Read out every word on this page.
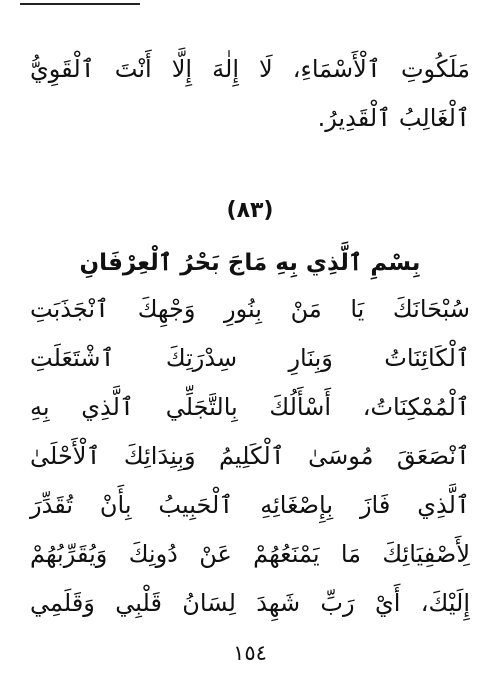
مَلَكُوتِ ٱلْأَسْمَاءِ، لَا إِلٰهَ إِلَّا أَنْتَ ٱلْقَوِيُّ
ٱلْغَالِبُ ٱلْقَدِيرُ.
(٨٣)
بِسْمِ ٱلَّذِي بِهِ مَاجَ بَحْرُ ٱلْعِرْفَانِ
سُبْحَانَكَ يَا مَنْ بِنُورِ وَجْهِكَ ٱنْجَذَبَتِ
ٱلْكَائِنَاتُ وَبِنَارِ سِدْرَتِكَ ٱشْتَعَلَتِ
ٱلْمُمْكِنَاتُ، أَسْأَلُكَ بِالتَّجَلِّي ٱلَّذِي بِهِ
ٱنْصَعَقَ مُوسَىٰ ٱلْكَلِيمُ وَبِنِدَائِكَ ٱلْأَحْلَىٰ
ٱلَّذِي فَازَ بِإِصْغَائِهِ ٱلْحَبِيبُ بِأَنْ تُقَدِّرَ
لِأَصْفِيَائِكَ مَا يَمْنَعُهُمْ عَنْ دُونِكَ وَيُقَرِّبُهُمْ
إِلَيْكَ، أَيْ رَبِّ شَهِدَ لِسَانُ قَلْبِي وَقَلَمِي
١٥٤
